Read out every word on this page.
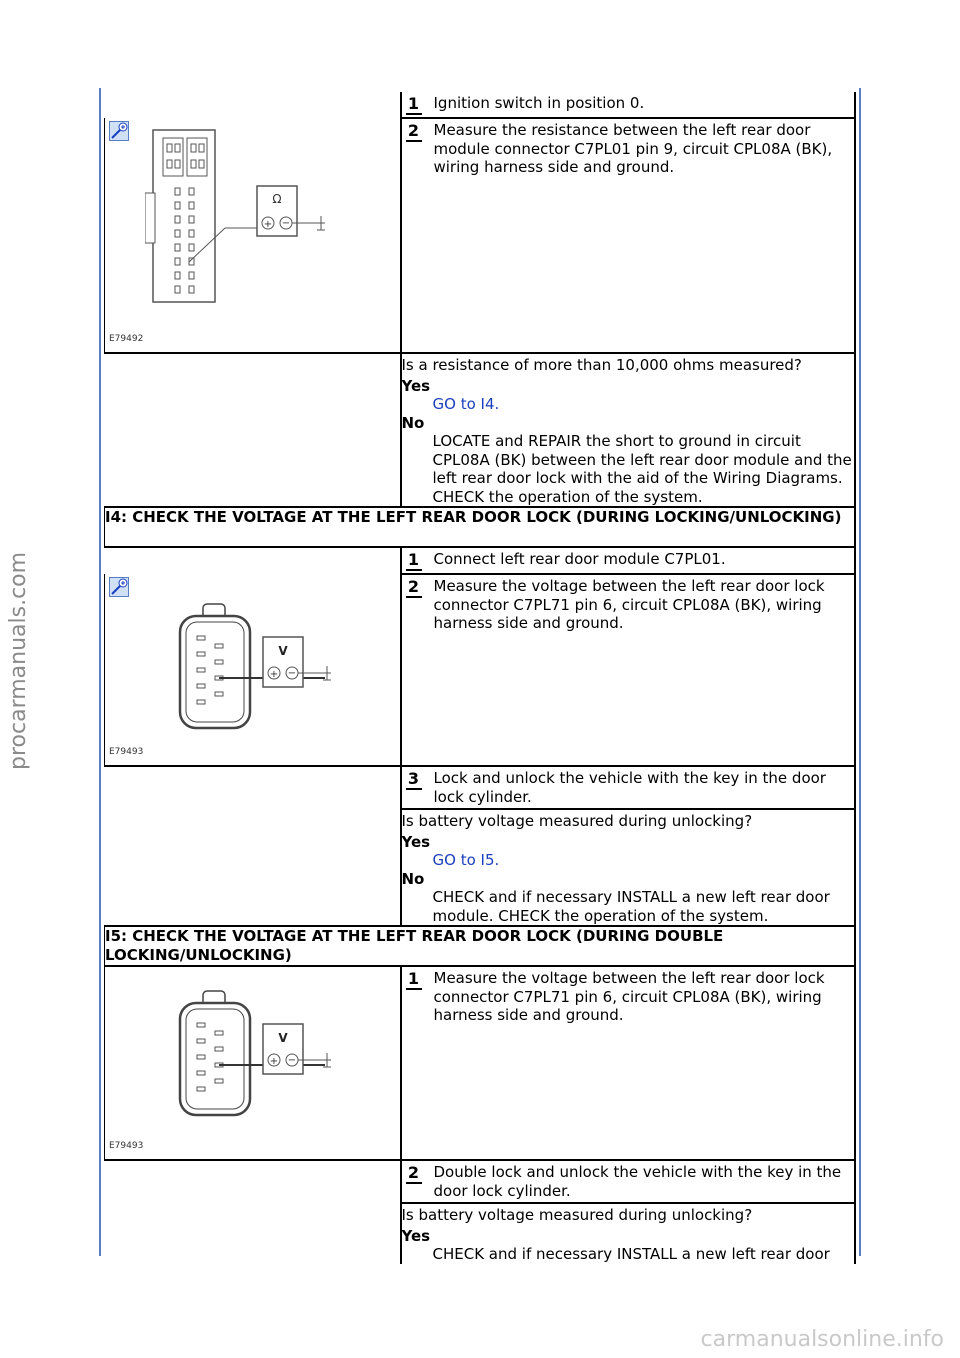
procarmanuals.com
carmanualsonline.info

	1 Ignition switch in position 0.

Ω
+ −
E79492	2 Measure the resistance between the left rear door module connector C7PL01 pin 9, circuit CPL08A (BK), wiring harness side and ground.

	Is a resistance of more than 10,000 ohms measured?
Yes
GO to I4.
No
LOCATE and REPAIR the short to ground in circuit CPL08A (BK) between the left rear door module and the left rear door lock with the aid of the Wiring Diagrams. CHECK the operation of the system.

I4: CHECK THE VOLTAGE AT THE LEFT REAR DOOR LOCK (DURING LOCKING/UNLOCKING)	

	1 Connect left rear door module C7PL01.

V
+ −
E79493	2 Measure the voltage between the left rear door lock connector C7PL71 pin 6, circuit CPL08A (BK), wiring harness side and ground.

	3 Lock and unlock the vehicle with the key in the door lock cylinder.

	Is battery voltage measured during unlocking?
Yes
GO to I5.
No
CHECK and if necessary INSTALL a new left rear door module. CHECK the operation of the system.

I5: CHECK THE VOLTAGE AT THE LEFT REAR DOOR LOCK (DURING DOUBLE LOCKING/UNLOCKING)	

V
+ −
E79493	1 Measure the voltage between the left rear door lock connector C7PL71 pin 6, circuit CPL08A (BK), wiring harness side and ground.

	2 Double lock and unlock the vehicle with the key in the door lock cylinder.

	Is battery voltage measured during unlocking?
Yes
CHECK and if necessary INSTALL a new left rear door
